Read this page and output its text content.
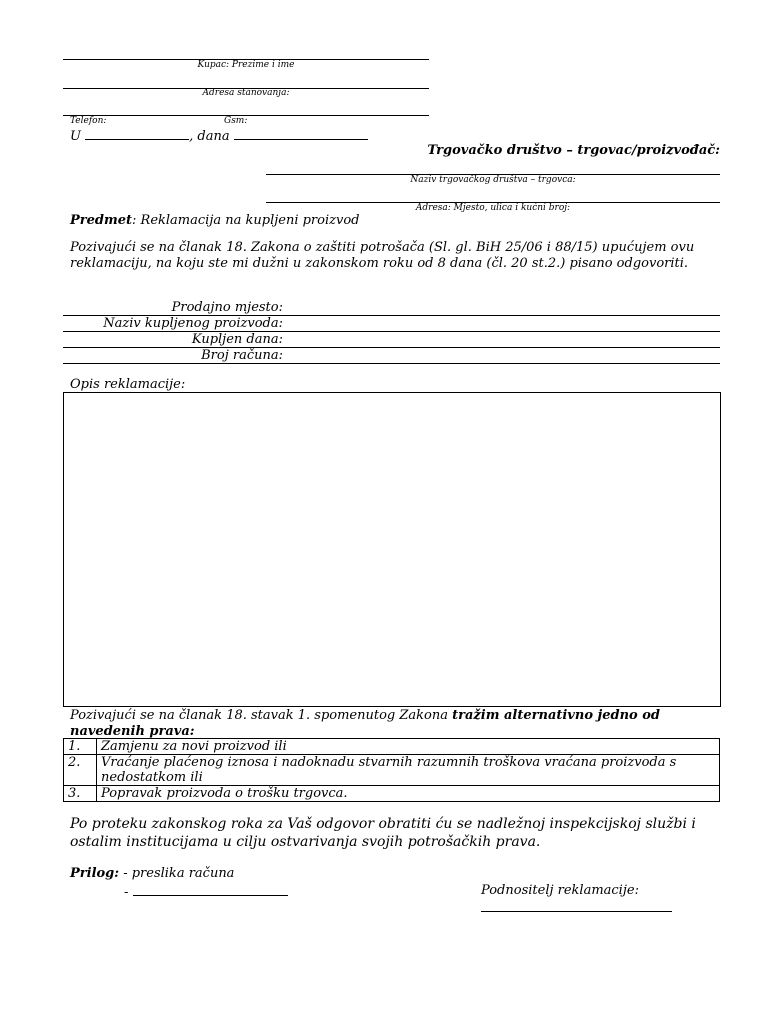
Kupac: Prezime i ime
Adresa stanovanja:
Telefon:	Gsm:
U	, dana
Trgovačko društvo – trgovac/proizvođač:
Naziv trgovačkog društva – trgovca:
Adresa: Mjesto, ulica i kućni broj:
Predmet: Reklamacija na kupljeni proizvod
Pozivajući se na članak 18. Zakona o zaštiti potrošača (Sl. gl. BiH 25/06 i 88/15) upućujem ovu reklamaciju, na koju ste mi dužni u zakonskom roku od 8 dana (čl. 20 st.2.) pisano odgovoriti.
Prodajno mjesto:
Naziv kupljenog proizvoda:
Kupljen dana:
Broj računa:
Opis reklamacije:
Pozivajući se na članak 18. stavak 1. spomenutog Zakona tražim alternativno jedno od navedenih prava:
1.	Zamjenu za novi proizvod ili
2.	Vraćanje plaćenog iznosa i nadoknadu stvarnih razumnih troškova vraćana proizvoda s nedostatkom ili
3.	Popravak proizvoda o trošku trgovca.
Po proteku zakonskog roka za Vaš odgovor obratiti ću se nadležnoj inspekcijskoj službi i ostalim institucijama u cilju ostvarivanja svojih potrošačkih prava.
Prilog: - preslika računa
-	Podnositelj reklamacije:
